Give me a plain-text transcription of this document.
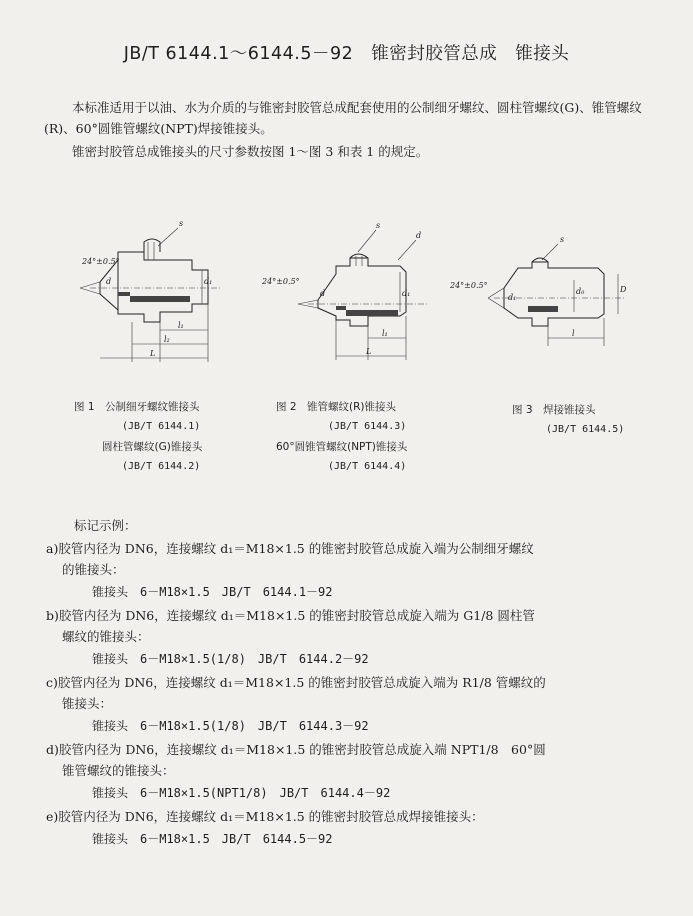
JB/T 6144.1～6144.5－92　锥密封胶管总成　锥接头
本标准适用于以油、水为介质的与锥密封胶管总成配套使用的公制细牙螺纹、圆柱管螺纹(G)、锥管螺纹(R)、60°圆锥管螺纹(NPT)焊接锥接头。
锥密封胶管总成锥接头的尺寸参数按图 1～图 3 和表 1 的规定。
24°±0.5°
s
d₁
d
l₁
l₂
L
24°±0.5°
s
d
d₁
d
l₁
L
24°±0.5°
s
d₀	D
d₁
l
图 1　公制细牙螺纹锥接头
(JB/T 6144.1)
圆柱管螺纹(G)锥接头
(JB/T 6144.2)
图 2　锥管螺纹(R)锥接头
(JB/T 6144.3)
60°圆锥管螺纹(NPT)锥接头
(JB/T 6144.4)
图 3　焊接锥接头
(JB/T 6144.5)
标记示例：
a)胶管内径为 DN6，连接螺纹 d₁＝M18×1.5 的锥密封胶管总成旋入端为公制细牙螺纹
的锥接头：
锥接头　6－M18×1.5　JB/T　6144.1－92
b)胶管内径为 DN6，连接螺纹 d₁＝M18×1.5 的锥密封胶管总成旋入端为 G1/8 圆柱管
螺纹的锥接头：
锥接头　6－M18×1.5(1/8)　JB/T　6144.2－92
c)胶管内径为 DN6，连接螺纹 d₁＝M18×1.5 的锥密封胶管总成旋入端为 R1/8 管螺纹的
锥接头：
锥接头　6－M18×1.5(1/8)　JB/T　6144.3－92
d)胶管内径为 DN6，连接螺纹 d₁＝M18×1.5 的锥密封胶管总成旋入端 NPT1/8　60°圆
锥管螺纹的锥接头：
锥接头　6－M18×1.5(NPT1/8)　JB/T　6144.4－92
e)胶管内径为 DN6，连接螺纹 d₁＝M18×1.5 的锥密封胶管总成焊接锥接头：
锥接头　6－M18×1.5　JB/T　6144.5－92
